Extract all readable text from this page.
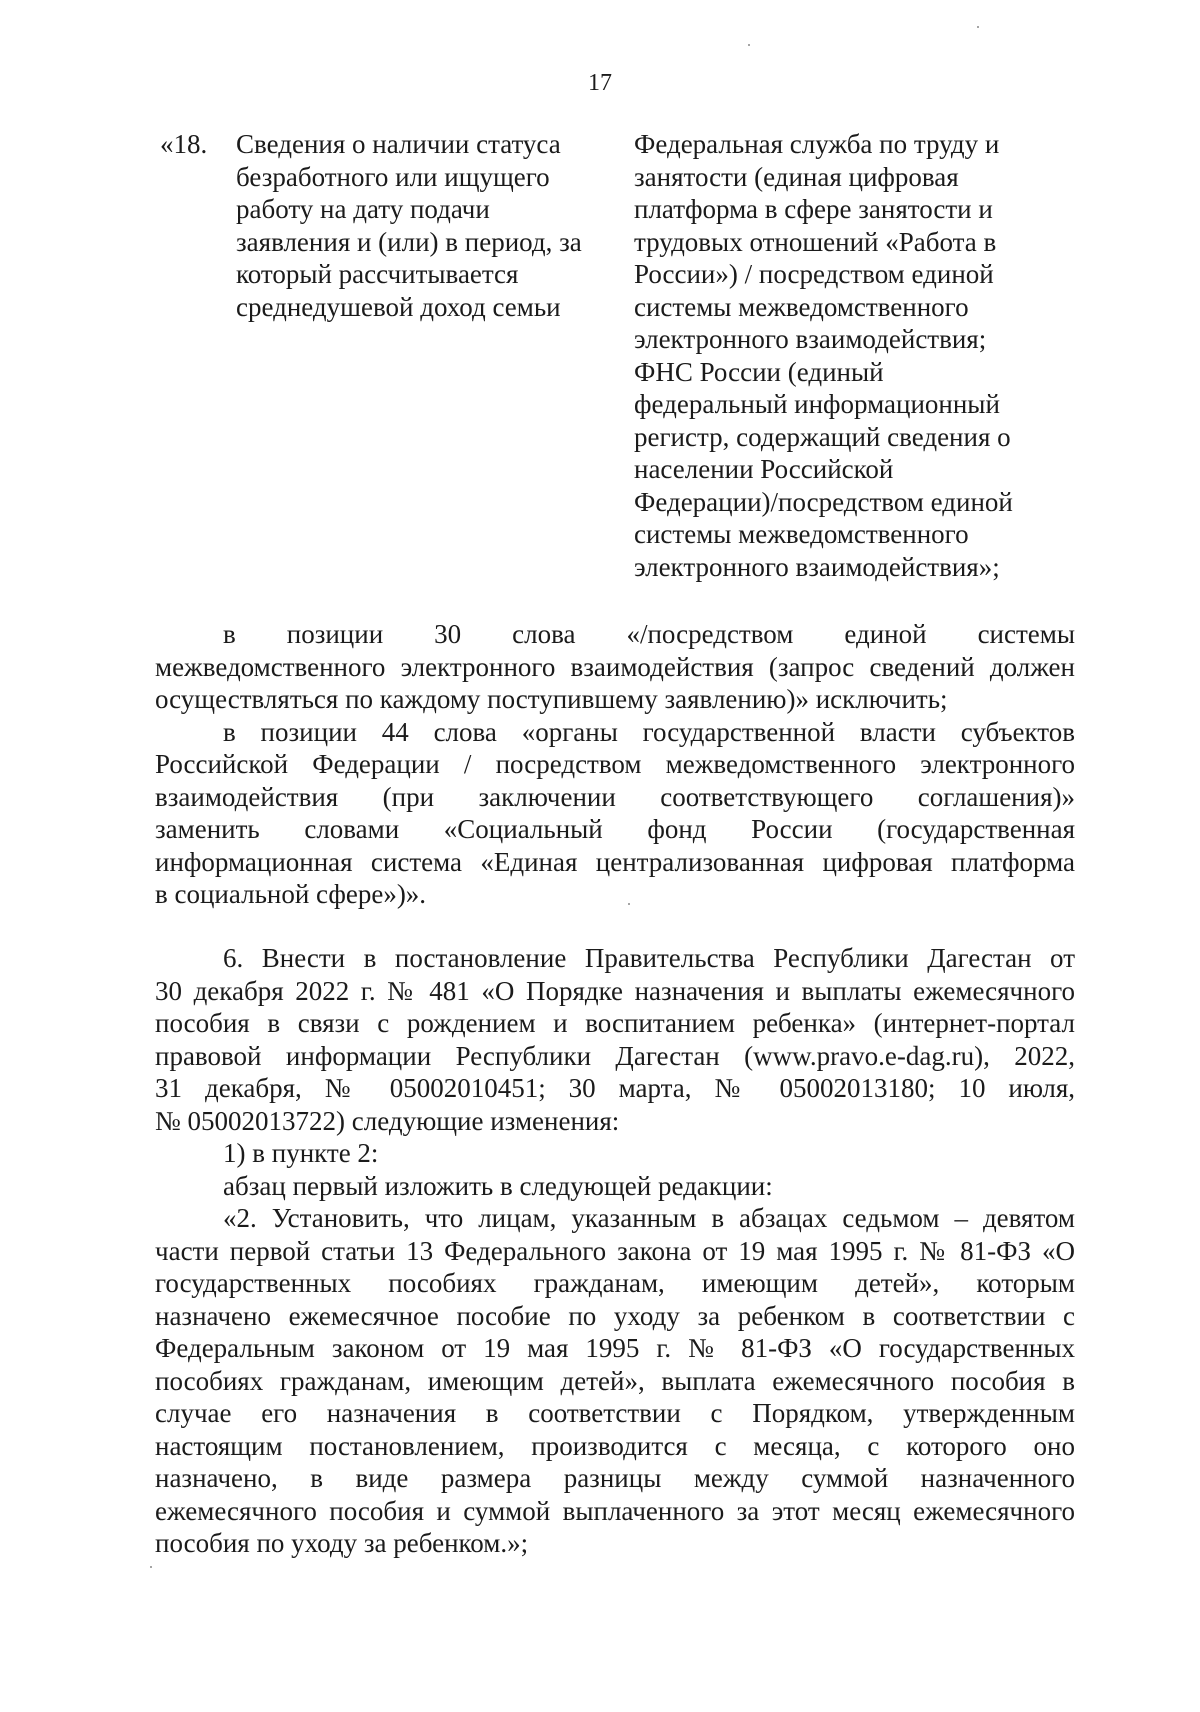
17
«18. Сведения о наличии статуса
безработного или ищущего
работу на дату подачи
заявления и (или) в период, за
который рассчитывается
среднедушевой доход семьи
Федеральная служба по труду и
занятости (единая цифровая
платформа в сфере занятости и
трудовых отношений «Работа в
России») / посредством единой
системы межведомственного
электронного взаимодействия;
ФНС России (единый
федеральный информационный
регистр, содержащий сведения о
населении Российской
Федерации)/посредством единой
системы межведомственного
электронного взаимодействия»;
в позиции 30 слова «/посредством единой системы
межведомственного электронного взаимодействия (запрос сведений должен
осуществляться по каждому поступившему заявлению)» исключить;
в позиции 44 слова «органы государственной власти субъектов
Российской Федерации / посредством межведомственного электронного
взаимодействия (при заключении соответствующего соглашения)»
заменить словами «Социальный фонд России (государственная
информационная система «Единая централизованная цифровая платформа
в социальной сфере»)».
6. Внести в постановление Правительства Республики Дагестан от
30 декабря 2022 г. № 481 «О Порядке назначения и выплаты ежемесячного
пособия в связи с рождением и воспитанием ребенка» (интернет-портал
правовой информации Республики Дагестан (www.pravo.e-dag.ru), 2022,
31 декабря, № 05002010451; 30 марта, № 05002013180; 10 июля,
№ 05002013722) следующие изменения:
1) в пункте 2:
абзац первый изложить в следующей редакции:
«2. Установить, что лицам, указанным в абзацах седьмом – девятом
части первой статьи 13 Федерального закона от 19 мая 1995 г. № 81-ФЗ «О
государственных пособиях гражданам, имеющим детей», которым
назначено ежемесячное пособие по уходу за ребенком в соответствии с
Федеральным законом от 19 мая 1995 г. № 81-ФЗ «О государственных
пособиях гражданам, имеющим детей», выплата ежемесячного пособия в
случае его назначения в соответствии с Порядком, утвержденным
настоящим постановлением, производится с месяца, с которого оно
назначено, в виде размера разницы между суммой назначенного
ежемесячного пособия и суммой выплаченного за этот месяц ежемесячного
пособия по уходу за ребенком.»;
